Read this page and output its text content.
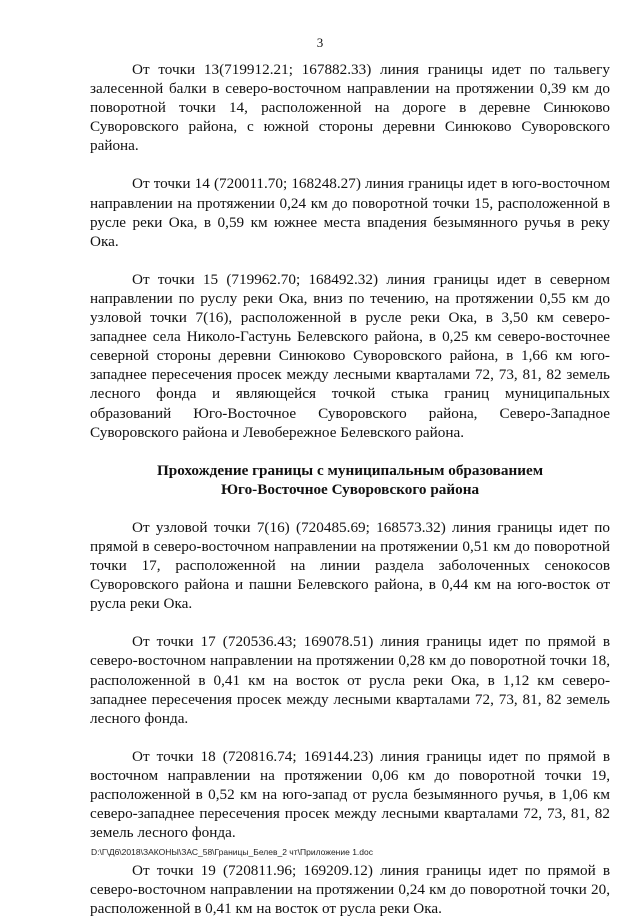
3

От точки 13(719912.21; 167882.33) линия границы идет по тальвегу залесенной балки в северо-восточном направлении на протяжении 0,39 км до поворотной точки 14, расположенной на дороге в деревне Синюково Суворовского района, с южной стороны деревни Синюково Суворовского района.

От точки 14 (720011.70; 168248.27) линия границы идет в юго-восточном направлении на протяжении 0,24 км до поворотной точки 15, расположенной в русле реки Ока, в 0,59 км южнее места впадения безымянного ручья в реку Ока.

От точки 15 (719962.70; 168492.32) линия границы идет в северном направлении по руслу реки Ока, вниз по течению, на протяжении 0,55 км до узловой точки 7(16), расположенной в русле реки Ока, в 3,50 км северо-западнее села Николо-Гастунь Белевского района, в 0,25 км северо-восточнее северной стороны деревни Синюково Суворовского района, в 1,66 км юго-западнее пересечения просек между лесными кварталами 72, 73, 81, 82 земель лесного фонда и являющейся точкой стыка границ муниципальных образований Юго-Восточное Суворовского района, Северо-Западное Суворовского района и Левобережное Белевского района.

Прохождение границы с муниципальным образованием

Юго-Восточное Суворовского района

От узловой точки 7(16) (720485.69; 168573.32) линия границы идет по прямой в северо-восточном направлении на протяжении 0,51 км до поворотной точки 17, расположенной на линии раздела заболоченных сенокосов Суворовского района и пашни Белевского района, в 0,44 км на юго-восток от русла реки Ока.

От точки 17 (720536.43; 169078.51) линия границы идет по прямой в северо-восточном направлении на протяжении 0,28 км до поворотной точки 18, расположенной в 0,41 км на восток от русла реки Ока, в 1,12 км северо-западнее пересечения просек между лесными кварталами 72, 73, 81, 82 земель лесного фонда.

От точки 18 (720816.74; 169144.23) линия границы идет по прямой в восточном направлении на протяжении 0,06 км до поворотной точки 19, расположенной в 0,52 км на юго-запад от русла безымянного ручья, в 1,06 км северо-западнее пересечения просек между лесными кварталами 72, 73, 81, 82 земель лесного фонда.

От точки 19 (720811.96; 169209.12) линия границы идет по прямой в северо-восточном направлении на протяжении 0,24 км до поворотной точки 20, расположенной в 0,41 км на восток от русла реки Ока.

D:\Г\Д6\2018\ЗАКОНЫ\ЗАС_58\Границы_Белев_2 чт\Приложение 1.doc
